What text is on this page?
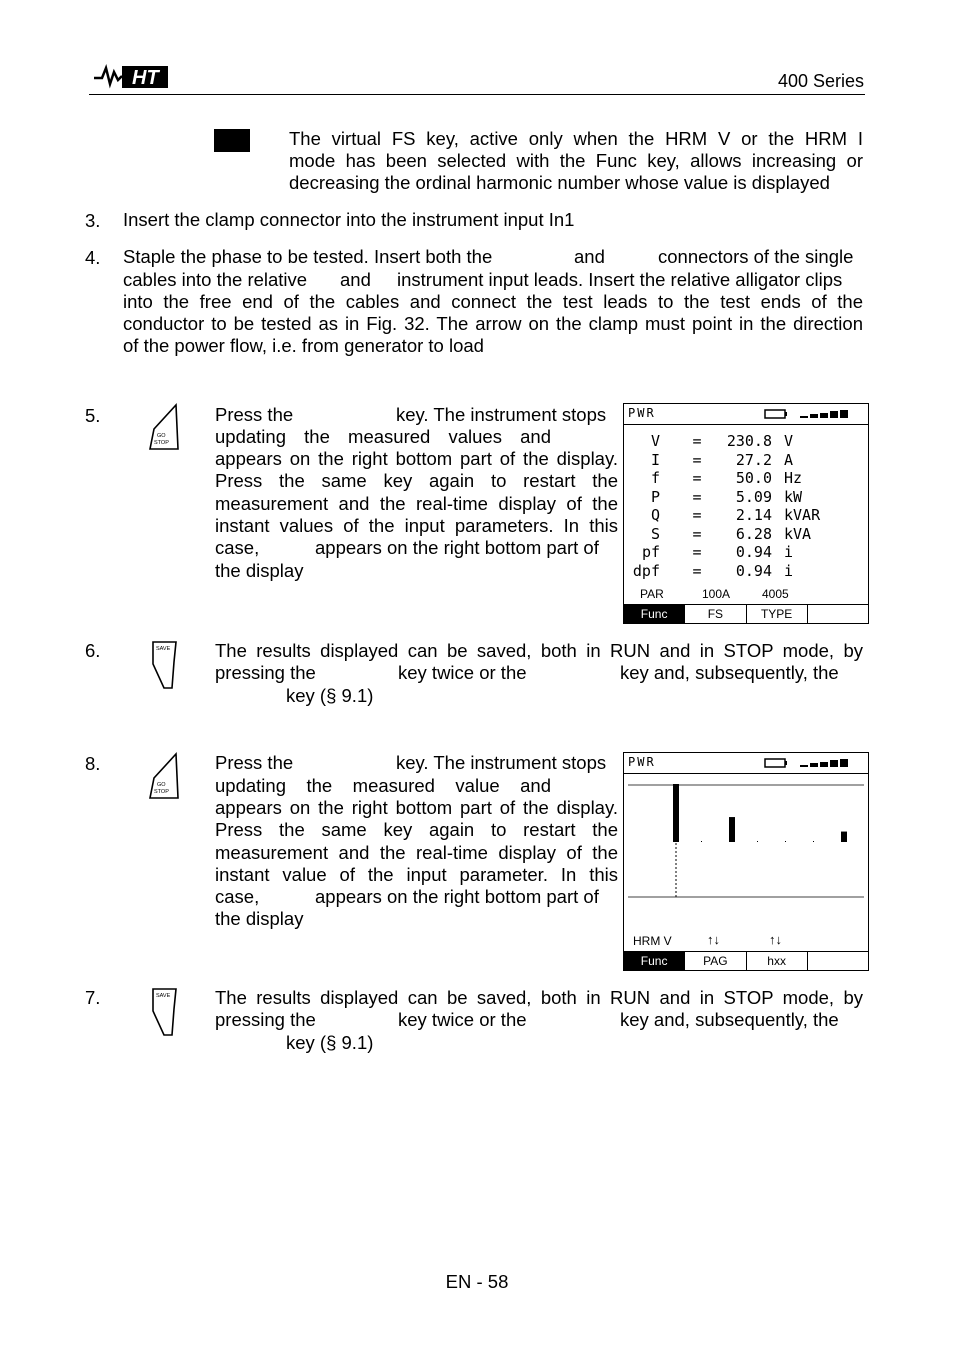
HT	400 Series
The virtual FS key, active only when the HRM V or the HRM I
mode has been selected with the Func key, allows increasing or
decreasing the ordinal harmonic number whose value is displayed
3. Insert the clamp connector into the instrument input In1
4. Staple the phase to be tested. Insert both the	and	connectors of the single
cables into the relative and instrument input leads. Insert the relative alligator clips
into the free end of the cables and connect the test leads to the test ends of the
conductor to be tested as in Fig. 32. The arrow on the clamp must point in the direction
of the power flow, i.e. from generator to load
5.
GO
STOP
Press the	key. The instrument stops
updating the measured values and
appears on the right bottom part of the display.
Press the same key again to restart the
measurement and the real-time display of the
instant values of the input parameters. In this
case,	appears on the right bottom part of
the display
PWR
V =	230.8 V
I =	27.2 A
f =	50.0 Hz
P =	5.09 kW
Q =	2.14 kVAR
S =	6.28 kVA
pf =	0.94 i
dpf =	0.94 i
PAR	100A	4005
Func	FS	TYPE
6.	SAVE The results displayed can be saved, both in RUN and in STOP mode, by
pressing the	key twice or the	key and, subsequently, the
key (§ 9.1)
8.
GO
STOP
Press the	key. The instrument stops
updating the measured value and
appears on the right bottom part of the display.
Press the same key again to restart the
measurement and the real-time display of the
instant value of the input parameter. In this
case,	appears on the right bottom part of
the display
PWR
HRM V	↑↓	↑↓
Func	PAG	hxx
7.	SAVE The results displayed can be saved, both in RUN and in STOP mode, by
pressing the	key twice or the	key and, subsequently, the
key (§ 9.1)
EN - 58
